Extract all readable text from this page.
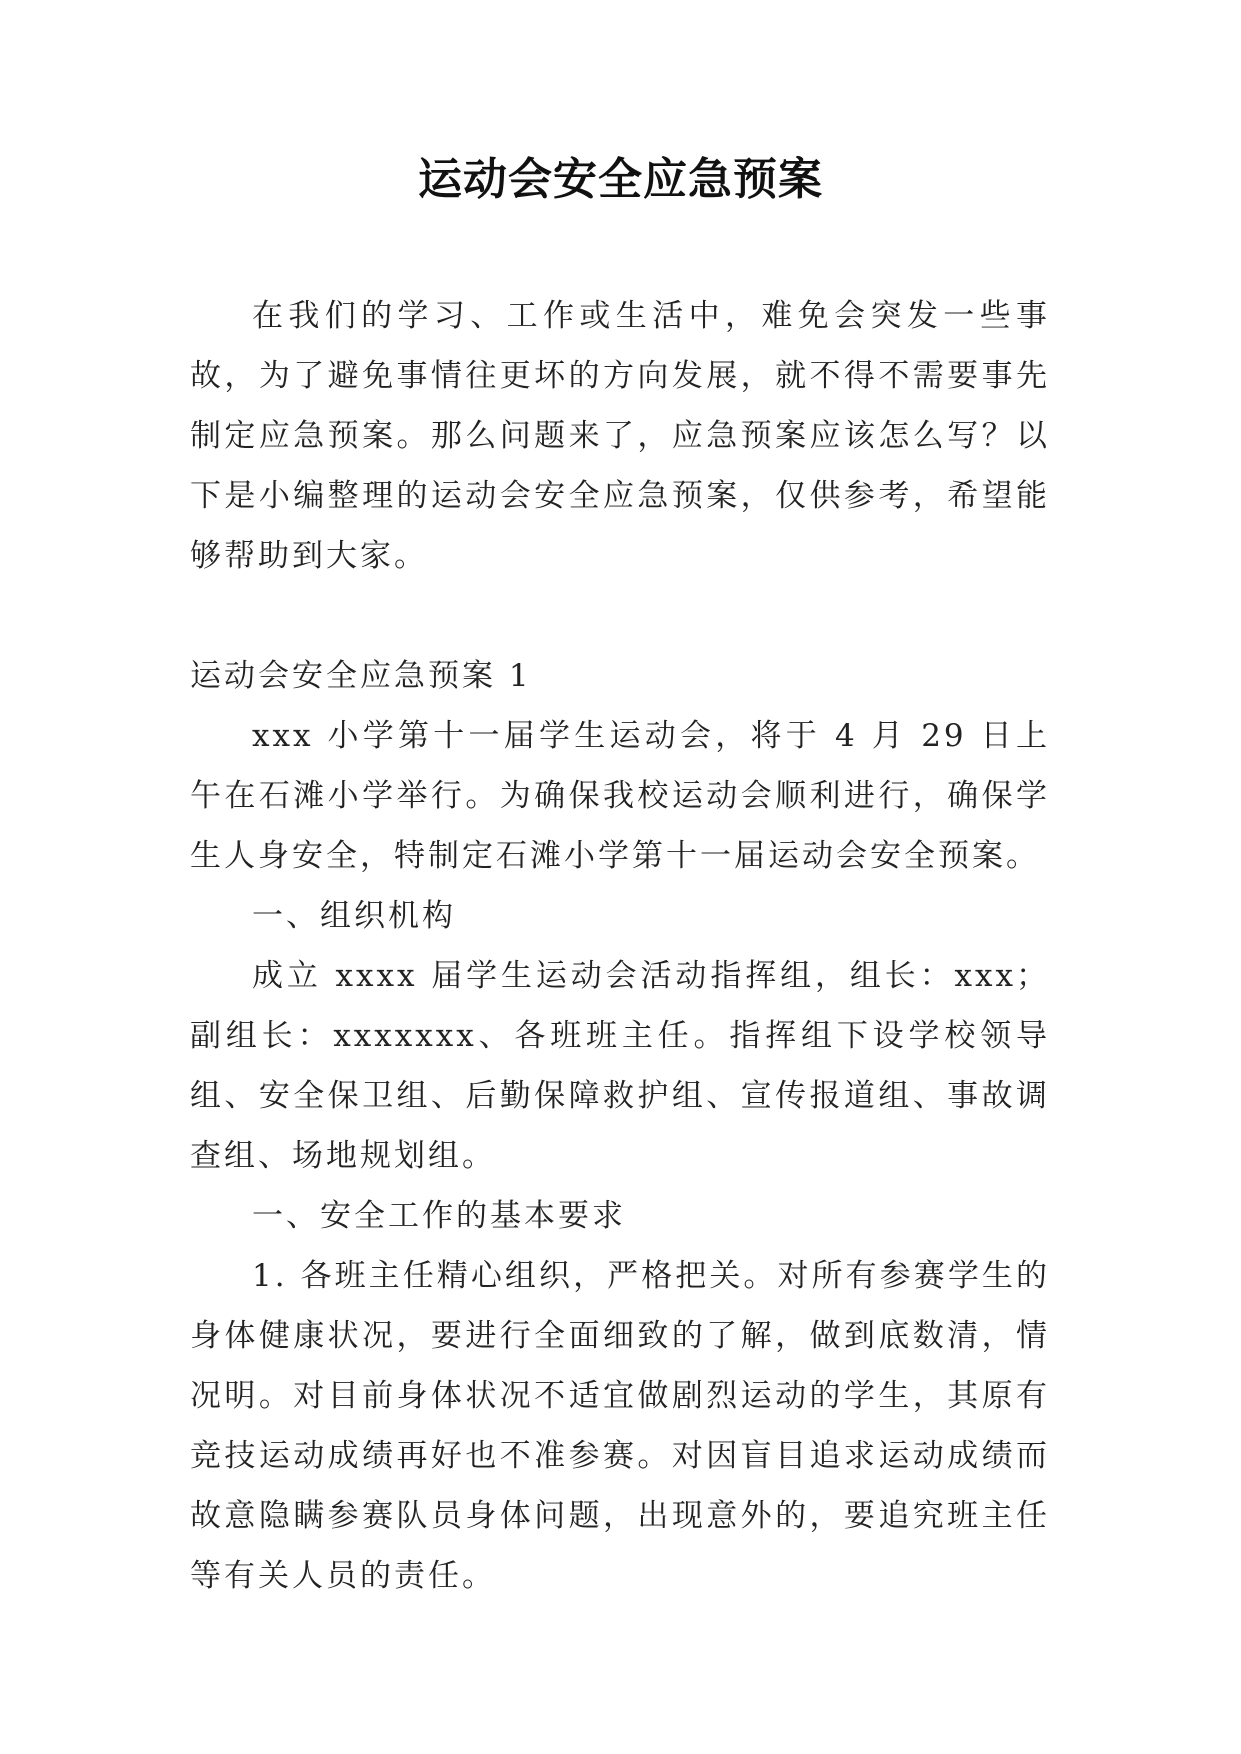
运动会安全应急预案

在我们的学习、工作或生活中，难免会突发一些事故，为了避免事情往更坏的方向发展，就不得不需要事先制定应急预案。那么问题来了，应急预案应该怎么写？以下是小编整理的运动会安全应急预案，仅供参考，希望能够帮助到大家。

运动会安全应急预案 1

xxx 小学第十一届学生运动会，将于 4 月 29 日上午在石滩小学举行。为确保我校运动会顺利进行，确保学生人身安全，特制定石滩小学第十一届运动会安全预案。

一、组织机构

成立 xxxx 届学生运动会活动指挥组，组长：xxx；副组长：xxxxxxx、各班班主任。指挥组下设学校领导组、安全保卫组、后勤保障救护组、宣传报道组、事故调查组、场地规划组。

一、安全工作的基本要求

1. 各班主任精心组织，严格把关。对所有参赛学生的身体健康状况，要进行全面细致的了解，做到底数清，情况明。对目前身体状况不适宜做剧烈运动的学生，其原有竞技运动成绩再好也不准参赛。对因盲目追求运动成绩而故意隐瞒参赛队员身体问题，出现意外的，要追究班主任等有关人员的责任。
